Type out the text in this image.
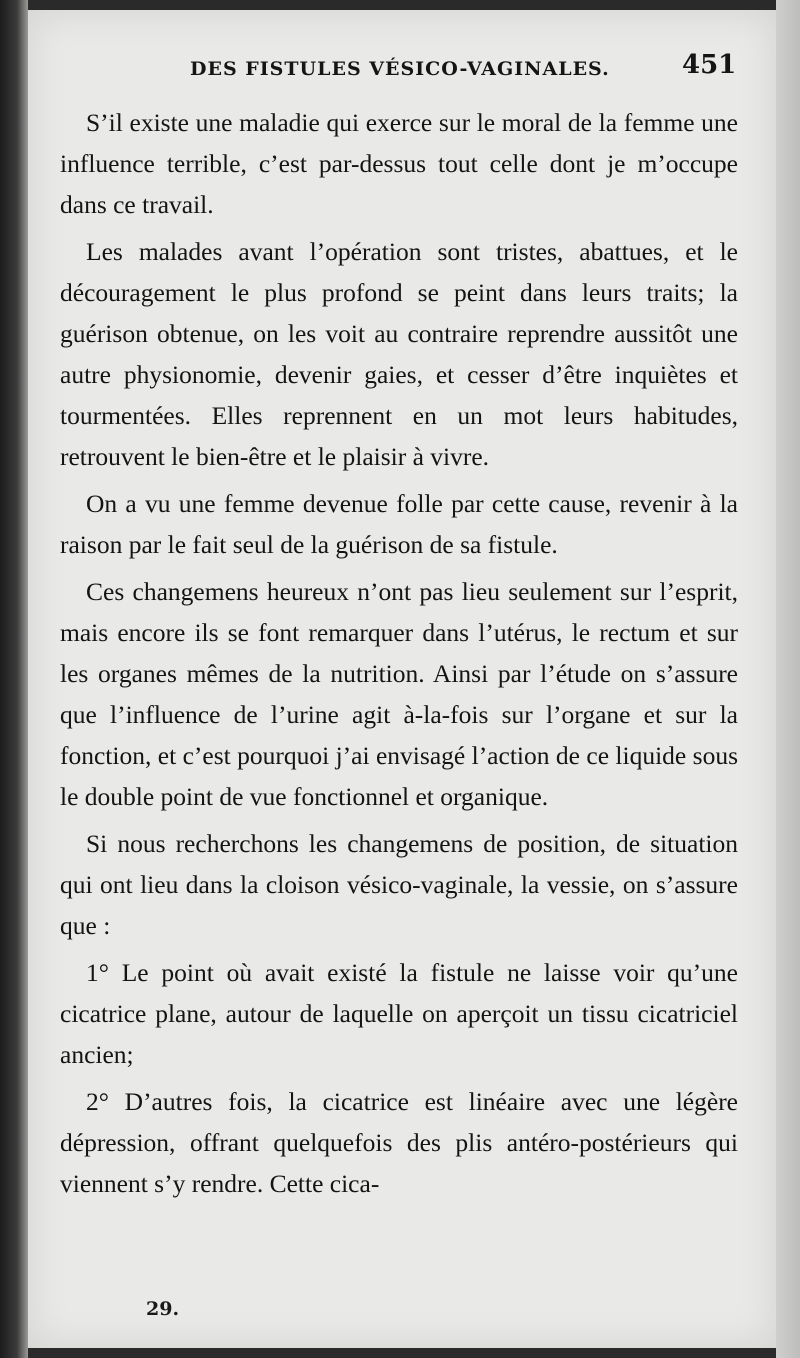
DES FISTULES VÉSICO-VAGINALES.	451

S’il existe une maladie qui exerce sur le moral de la femme une influence terrible, c’est par-dessus tout celle dont je m’occupe dans ce travail.

Les malades avant l’opération sont tristes, abattues, et le découragement le plus profond se peint dans leurs traits; la guérison obtenue, on les voit au contraire reprendre aussitôt une autre physionomie, devenir gaies, et cesser d’être inquiètes et tourmentées. Elles reprennent en un mot leurs habitudes, retrouvent le bien-être et le plaisir à vivre.

On a vu une femme devenue folle par cette cause, revenir à la raison par le fait seul de la guérison de sa fistule.

Ces changemens heureux n’ont pas lieu seulement sur l’esprit, mais encore ils se font remarquer dans l’utérus, le rectum et sur les organes mêmes de la nutrition. Ainsi par l’étude on s’assure que l’influence de l’urine agit à-la-fois sur l’organe et sur la fonction, et c’est pourquoi j’ai envisagé l’action de ce liquide sous le double point de vue fonctionnel et organique.

Si nous recherchons les changemens de position, de situation qui ont lieu dans la cloison vésico-vaginale, la vessie, on s’assure que :

1° Le point où avait existé la fistule ne laisse voir qu’une cicatrice plane, autour de laquelle on aperçoit un tissu cicatriciel ancien;

2° D’autres fois, la cicatrice est linéaire avec une légère dépression, offrant quelquefois des plis antéro-postérieurs qui viennent s’y rendre. Cette cica-

29.
